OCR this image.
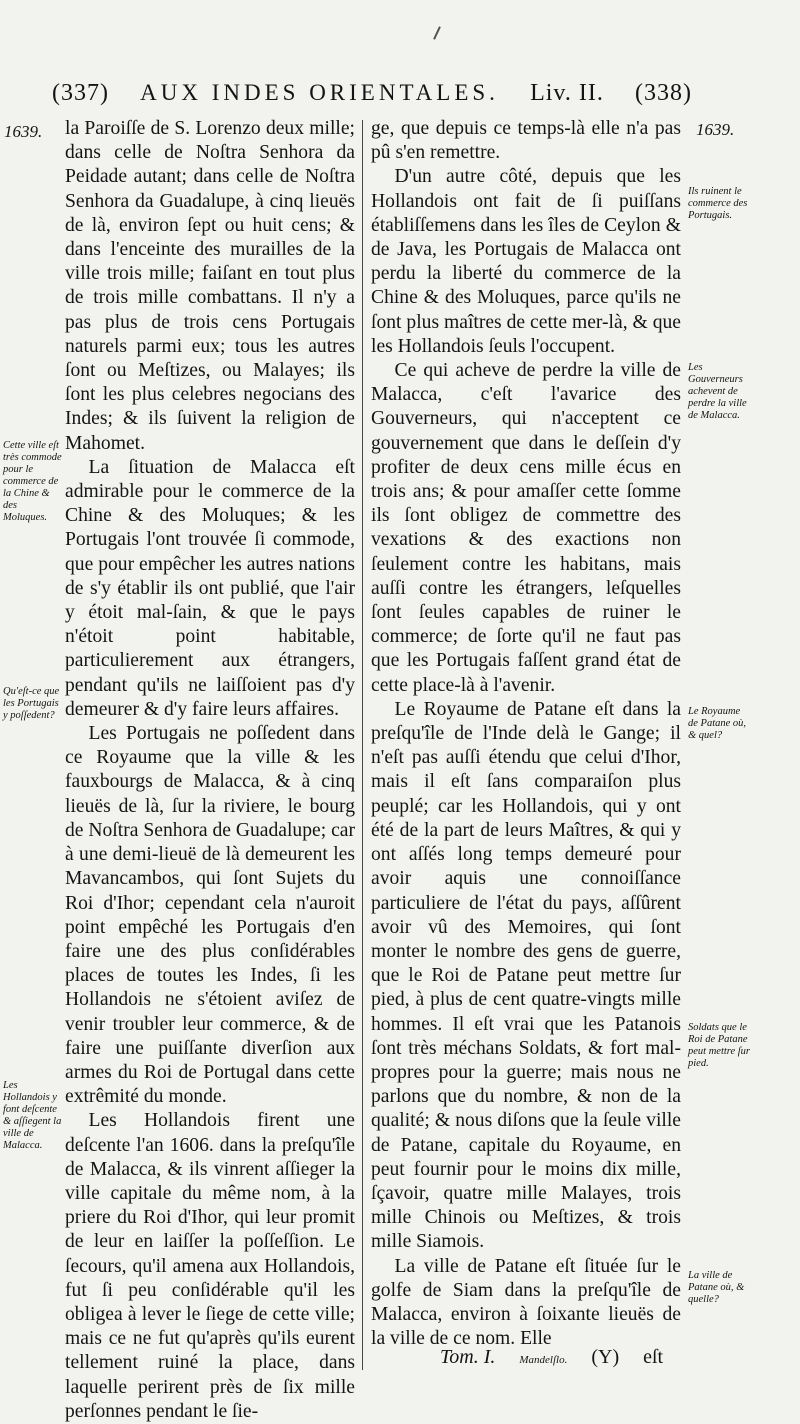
(337) AUX INDES ORIENTALES. Liv. II. (338)
1639.	1639.

la Paroiſſe de S. Lorenzo deux mille; dans celle de Noſtra Senhora da Peidade autant; dans celle de Noſtra Senhora da Guadalupe, à cinq lieuës de là, environ ſept ou huit cens; & dans l'enceinte des murailles de la ville trois mille; faiſant en tout plus de trois mille combattans. Il n'y a pas plus de trois cens Portugais naturels parmi eux; tous les autres ſont ou Meſtizes, ou Malayes; ils ſont les plus celebres negocians des Indes; & ils ſuivent la religion de Mahomet.

La ſituation de Malacca eſt admirable pour le commerce de la Chine & des Moluques; & les Portugais l'ont trouvée ſi commode, que pour empêcher les autres nations de s'y établir ils ont publié, que l'air y étoit mal-ſain, & que le pays n'étoit point habitable, particulierement aux étrangers, pendant qu'ils ne laiſſoient pas d'y demeurer & d'y faire leurs affaires.

Les Portugais ne poſſedent dans ce Royaume que la ville & les fauxbourgs de Malacca, & à cinq lieuës de là, ſur la riviere, le bourg de Noſtra Senhora de Guadalupe; car à une demi-lieuë de là demeurent les Mavancambos, qui ſont Sujets du Roi d'Ihor; cependant cela n'auroit point empêché les Portugais d'en faire une des plus conſidérables places de toutes les Indes, ſi les Hollandois ne s'étoient aviſez de venir troubler leur commerce, & de faire une puiſſante diverſion aux armes du Roi de Portugal dans cette extrêmité du monde.

Les Hollandois firent une deſcente l'an 1606. dans la preſqu'île de Malacca, & ils vinrent aſſieger la ville capitale du même nom, à la priere du Roi d'Ihor, qui leur promit de leur en laiſſer la poſſeſſion. Le ſecours, qu'il amena aux Hollandois, fut ſi peu conſidérable qu'il les obligea à lever le ſiege de cette ville; mais ce ne fut qu'après qu'ils eurent tellement ruiné la place, dans laquelle perirent près de ſix mille perſonnes pendant le ſie-

ge, que depuis ce temps-là elle n'a pas pû s'en remettre.

D'un autre côté, depuis que les Hollandois ont fait de ſi puiſſans établiſſemens dans les îles de Ceylon & de Java, les Portugais de Malacca ont perdu la liberté du commerce de la Chine & des Moluques, parce qu'ils ne ſont plus maîtres de cette mer-là, & que les Hollandois ſeuls l'occupent.

Ce qui acheve de perdre la ville de Malacca, c'eſt l'avarice des Gouverneurs, qui n'acceptent ce gouvernement que dans le deſſein d'y profiter de deux cens mille écus en trois ans; & pour amaſſer cette ſomme ils ſont obligez de commettre des vexations & des exactions non ſeulement contre les habitans, mais auſſi contre les étrangers, leſquelles ſont ſeules capables de ruiner le commerce; de ſorte qu'il ne faut pas que les Portugais faſſent grand état de cette place-là à l'avenir.

Le Royaume de Patane eſt dans la preſqu'île de l'Inde delà le Gange; il n'eſt pas auſſi étendu que celui d'Ihor, mais il eſt ſans comparaiſon plus peuplé; car les Hollandois, qui y ont été de la part de leurs Maîtres, & qui y ont aſſés long temps demeuré pour avoir aquis une connoiſſance particuliere de l'état du pays, aſſûrent avoir vû des Memoires, qui ſont monter le nombre des gens de guerre, que le Roi de Patane peut mettre ſur pied, à plus de cent quatre-vingts mille hommes. Il eſt vrai que les Patanois ſont très méchans Soldats, & fort mal-propres pour la guerre; mais nous ne parlons que du nombre, & non de la qualité; & nous diſons que la ſeule ville de Patane, capitale du Royaume, en peut fournir pour le moins dix mille, ſçavoir, quatre mille Malayes, trois mille Chinois ou Meſtizes, & trois mille Siamois.

La ville de Patane eſt ſituée ſur le golfe de Siam dans la preſqu'île de Malacca, environ à ſoixante lieuës de la ville de ce nom. Elle

Cette ville eſt très commode pour le commerce de la Chine & des Moluques.
Qu'eſt-ce que les Portugais y poſſedent?
Les Hollandois y font deſcente & aſſiegent la ville de Malacca.
Ils ruinent le commerce des Portugais.
Les Gouverneurs achevent de perdre la ville de Malacca.
Le Royaume de Patane où, & quel?
Soldats que le Roi de Patane peut mettre ſur pied.
La ville de Patane où, & quelle?
Tom. I. Mandelſlo. (Y) eſt
